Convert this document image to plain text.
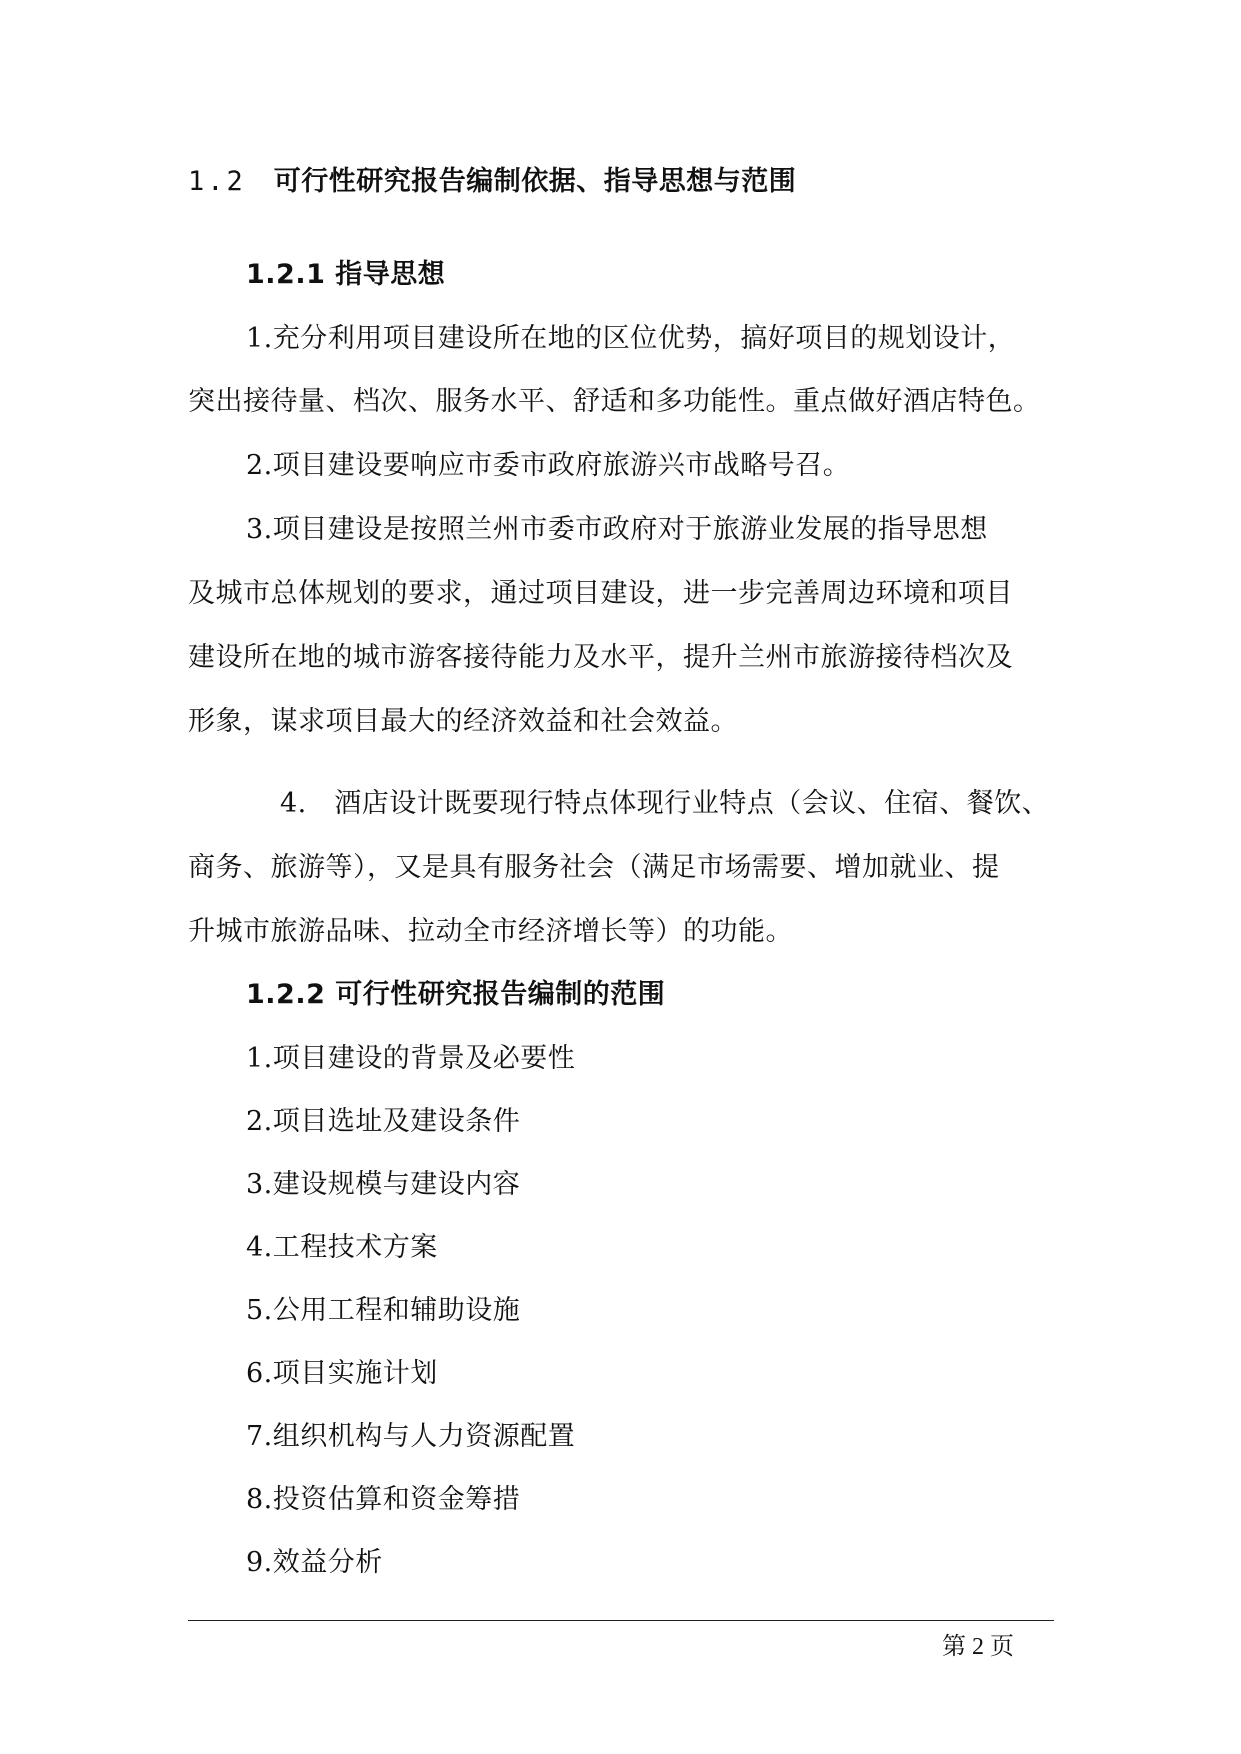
1.2 可行性研究报告编制依据、指导思想与范围
1.2.1 指导思想
1.充分利用项目建设所在地的区位优势，搞好项目的规划设计，
突出接待量、档次、服务水平、舒适和多功能性。重点做好酒店特色。
2.项目建设要响应市委市政府旅游兴市战略号召。
3.项目建设是按照兰州市委市政府对于旅游业发展的指导思想
及城市总体规划的要求，通过项目建设，进一步完善周边环境和项目
建设所在地的城市游客接待能力及水平，提升兰州市旅游接待档次及
形象，谋求项目最大的经济效益和社会效益。
4.　酒店设计既要现行特点体现行业特点（会议、住宿、餐饮、
商务、旅游等），又是具有服务社会（满足市场需要、增加就业、提
升城市旅游品味、拉动全市经济增长等）的功能。
1.2.2 可行性研究报告编制的范围
1.项目建设的背景及必要性
2.项目选址及建设条件
3.建设规模与建设内容
4.工程技术方案
5.公用工程和辅助设施
6.项目实施计划
7.组织机构与人力资源配置
8.投资估算和资金筹措
9.效益分析
第 2 页
